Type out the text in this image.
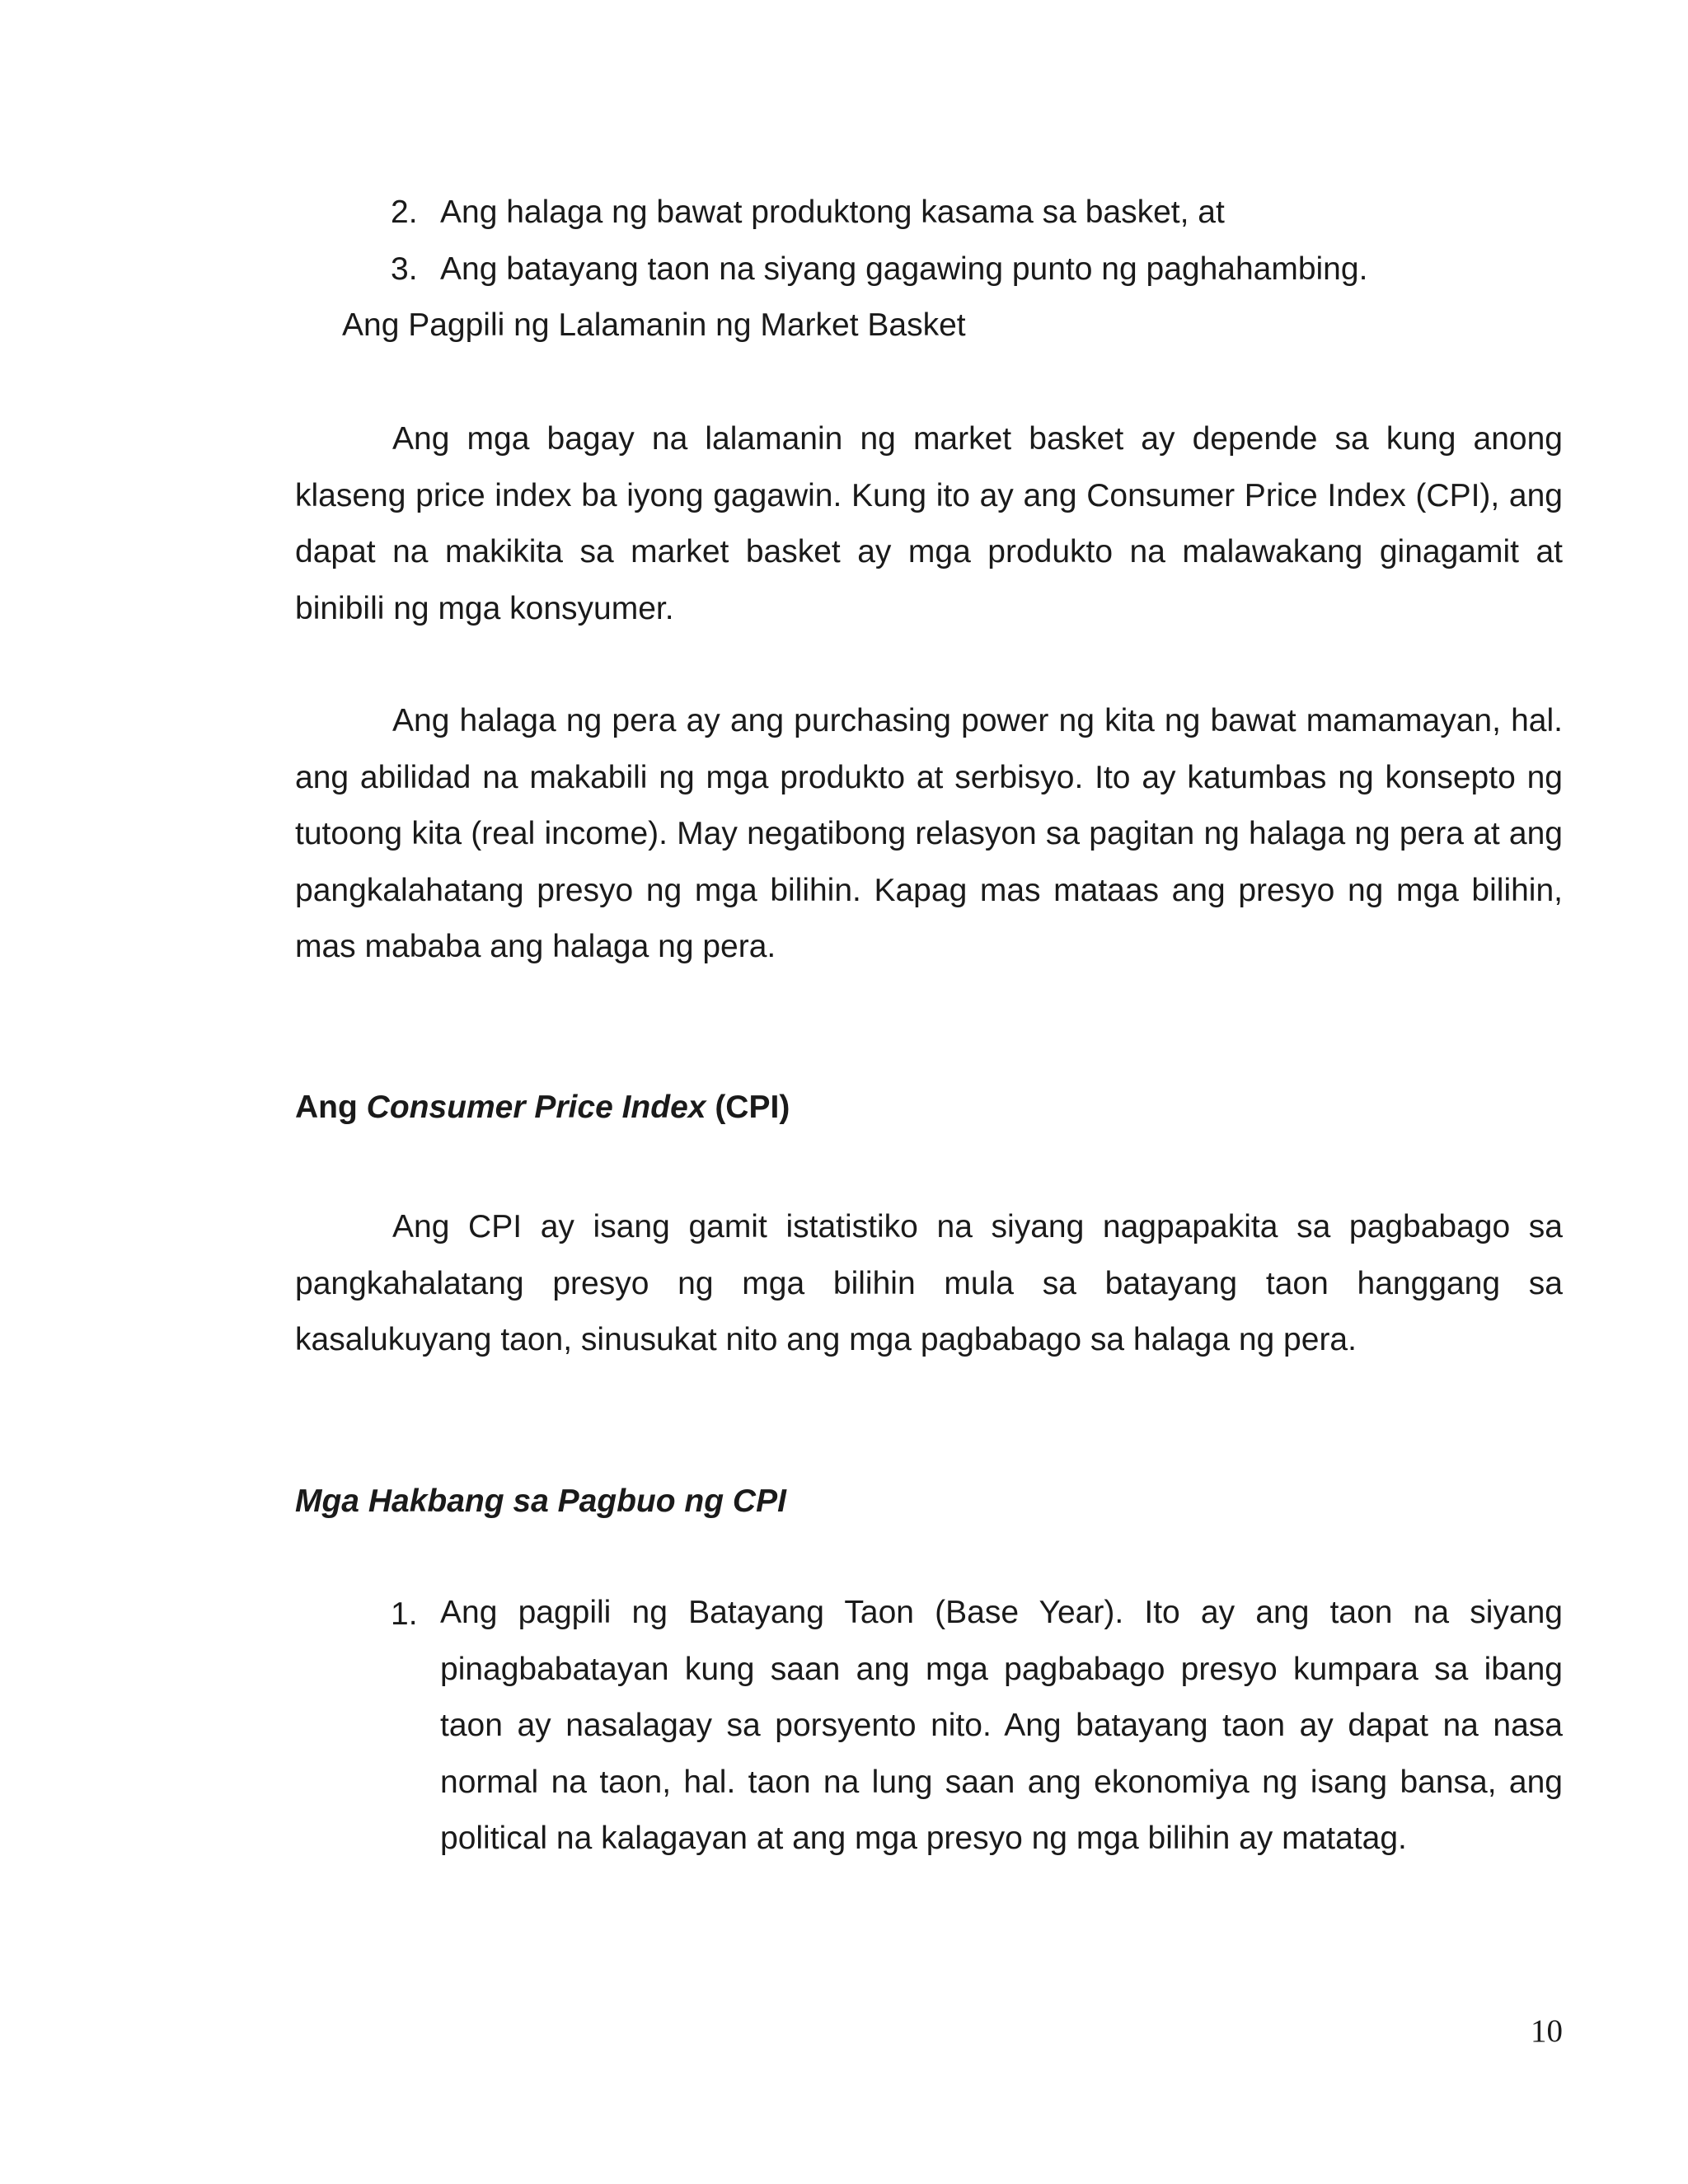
2. Ang halaga ng bawat produktong kasama sa basket, at
3. Ang batayang taon na siyang gagawing punto ng paghahambing.

Ang Pagpili ng Lalamanin ng Market Basket

Ang mga bagay na lalamanin ng market basket ay depende sa kung anong klaseng price index ba iyong gagawin. Kung ito ay ang Consumer Price Index (CPI), ang dapat na makikita sa market basket ay mga produkto na malawakang ginagamit at binibili ng mga konsyumer.

Ang halaga ng pera ay ang purchasing power ng kita ng bawat mamamayan, hal. ang abilidad na makabili ng mga produkto at serbisyo. Ito ay katumbas ng konsepto ng tutoong kita (real income). May negatibong relasyon sa pagitan ng halaga ng pera at ang pangkalahatang presyo ng mga bilihin. Kapag mas mataas ang presyo ng mga bilihin, mas mababa ang halaga ng pera.

Ang Consumer Price Index (CPI)

Ang CPI ay isang gamit istatistiko na siyang nagpapakita sa pagbabago sa pangkahalatang presyo ng mga bilihin mula sa batayang taon hanggang sa kasalukuyang taon, sinusukat nito ang mga pagbabago sa halaga ng pera.

Mga Hakbang sa Pagbuo ng CPI

1. Ang pagpili ng Batayang Taon (Base Year). Ito ay ang taon na siyang pinagbabatayan kung saan ang mga pagbabago presyo kumpara sa ibang taon ay nasalagay sa porsyento nito. Ang batayang taon ay dapat na nasa normal na taon, hal. taon na lung saan ang ekonomiya ng isang bansa, ang political na kalagayan at ang mga presyo ng mga bilihin ay matatag.

10
